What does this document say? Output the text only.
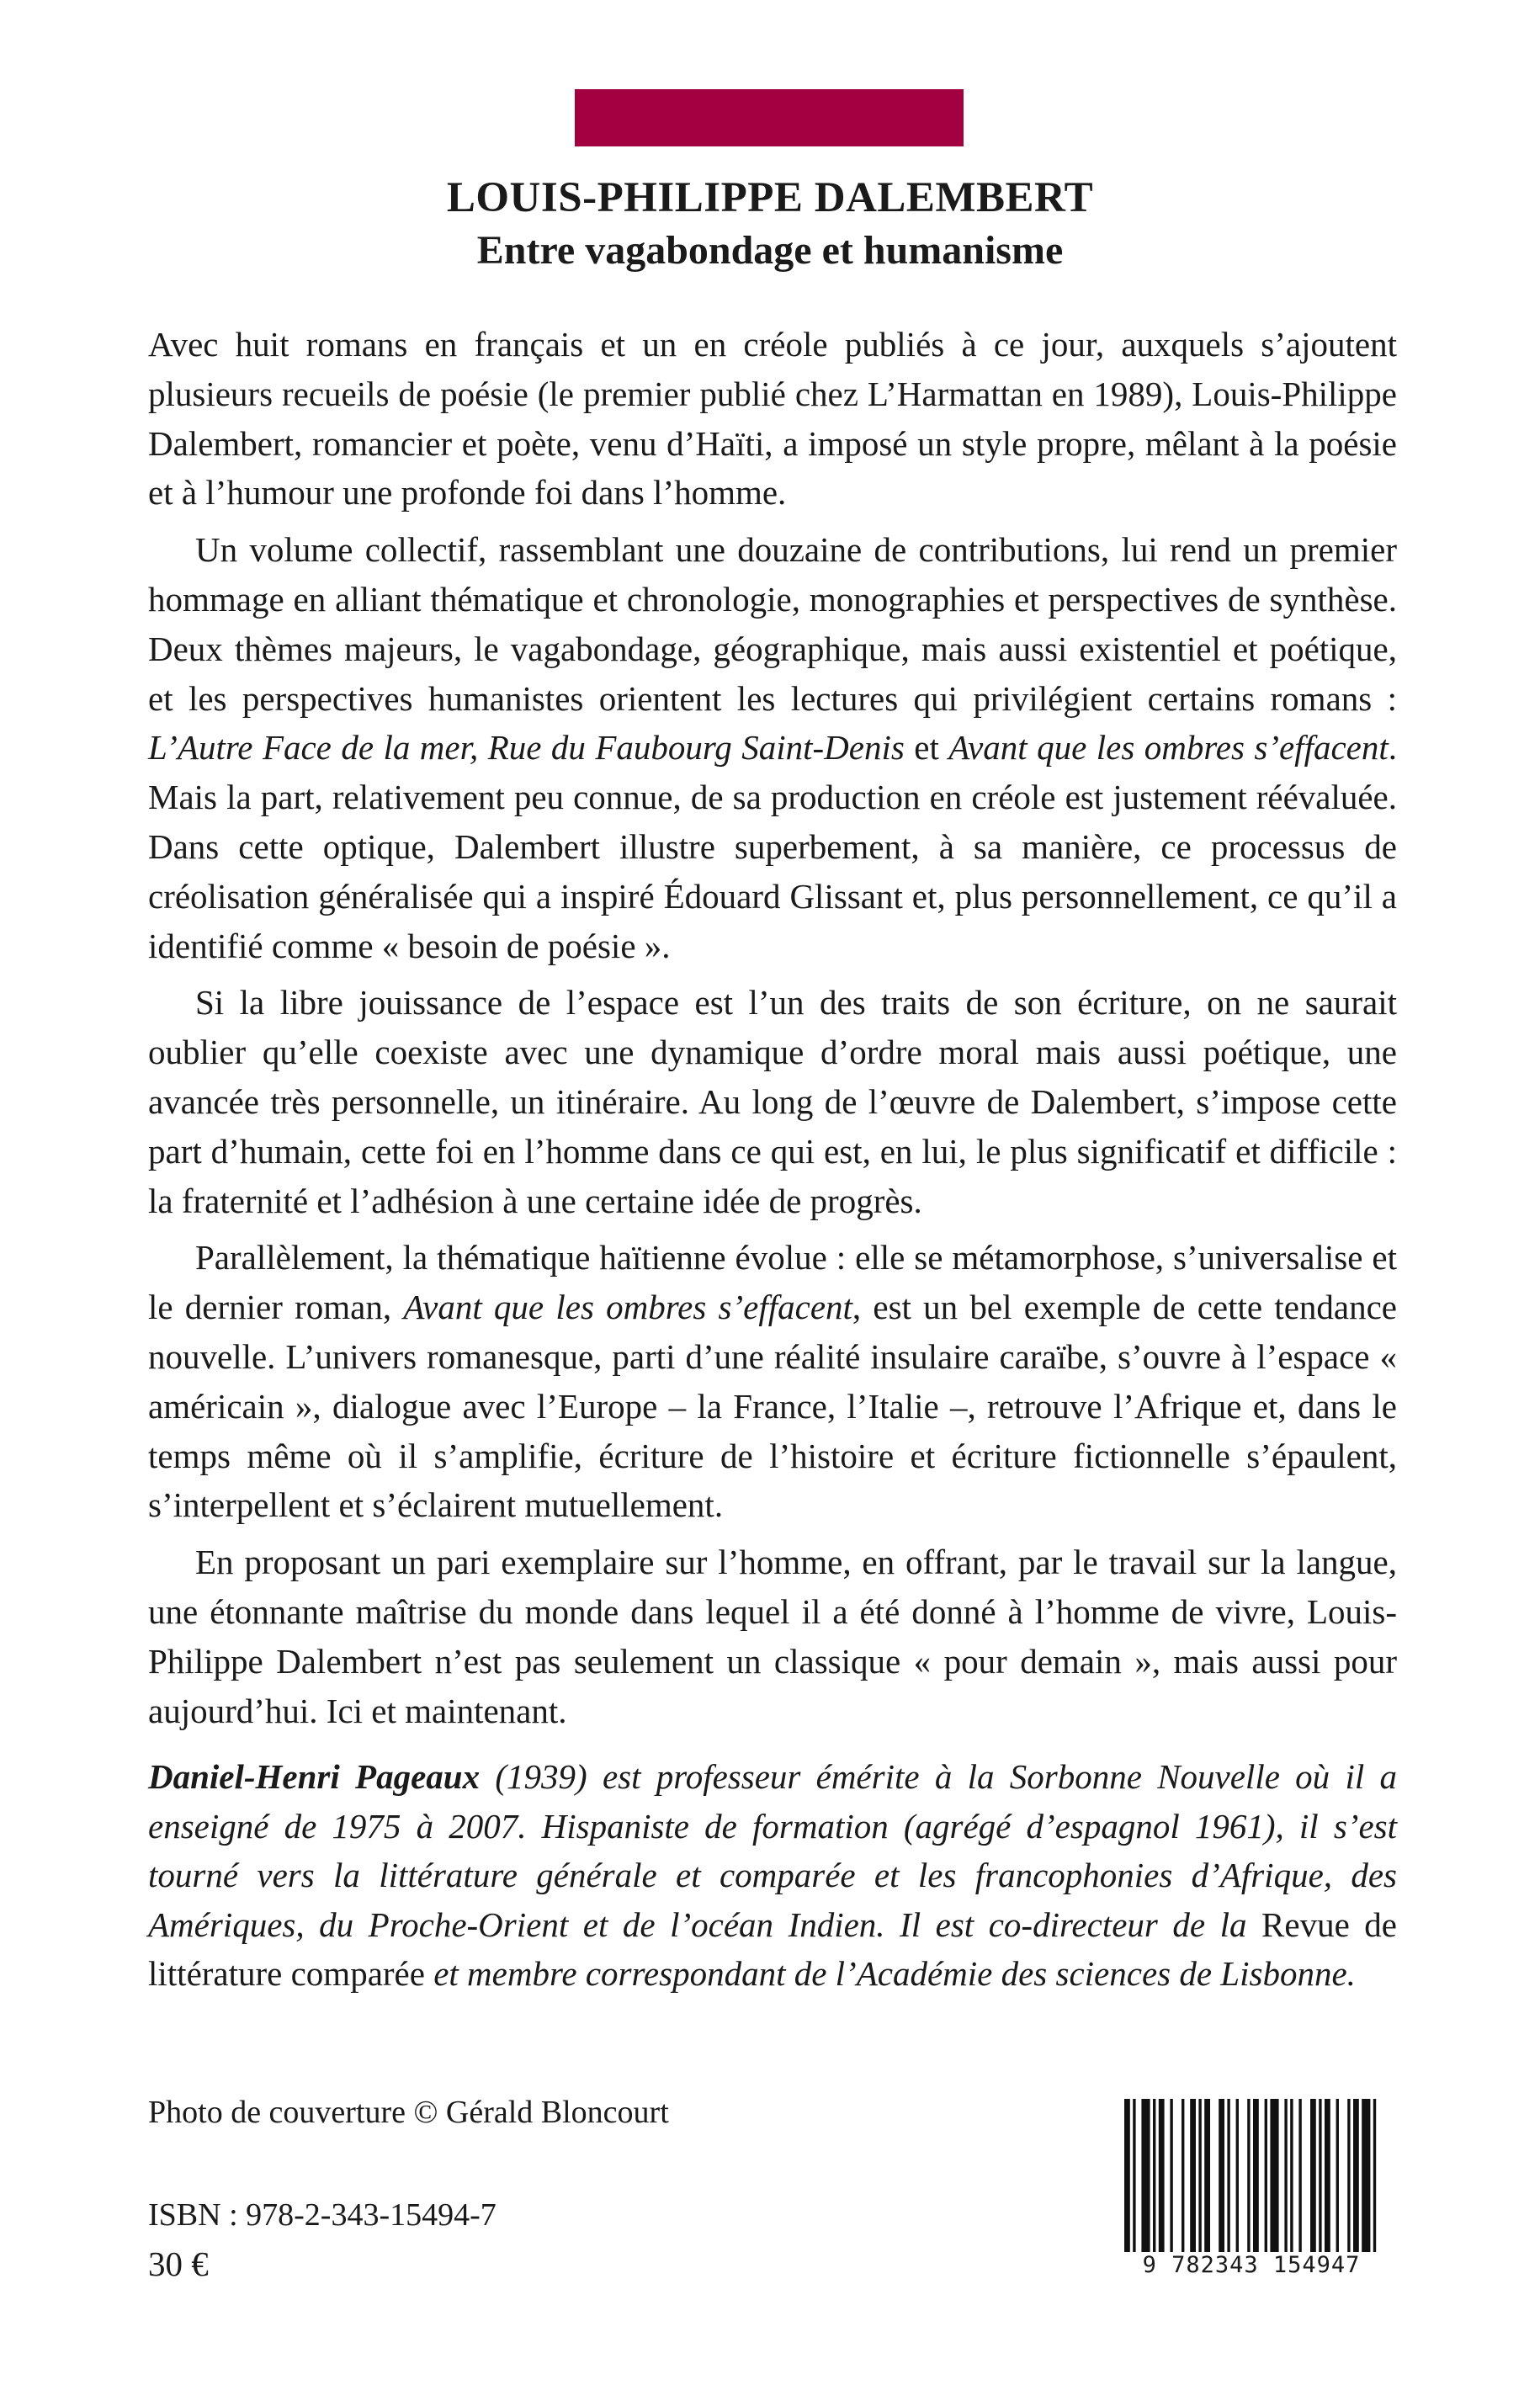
LOUIS-PHILIPPE DALEMBERT
Entre vagabondage et humanisme

Avec huit romans en français et un en créole publiés à ce jour, auxquels s’ajoutent plusieurs recueils de poésie (le premier publié chez L’Harmattan en 1989), Louis-Philippe Dalembert, romancier et poète, venu d’Haïti, a imposé un style propre, mêlant à la poésie et à l’humour une profonde foi dans l’homme.

Un volume collectif, rassemblant une douzaine de contributions, lui rend un premier hommage en alliant thématique et chronologie, monographies et perspectives de synthèse. Deux thèmes majeurs, le vagabondage, géographique, mais aussi existentiel et poétique, et les perspectives humanistes orientent les lectures qui privilégient certains romans : L’Autre Face de la mer, Rue du Faubourg Saint-Denis et Avant que les ombres s’effacent. Mais la part, relativement peu connue, de sa production en créole est justement réévaluée. Dans cette optique, Dalembert illustre superbement, à sa manière, ce processus de créolisation généralisée qui a inspiré Édouard Glissant et, plus personnellement, ce qu’il a identifié comme « besoin de poésie ».

Si la libre jouissance de l’espace est l’un des traits de son écriture, on ne saurait oublier qu’elle coexiste avec une dynamique d’ordre moral mais aussi poétique, une avancée très personnelle, un itinéraire. Au long de l’œuvre de Dalembert, s’impose cette part d’humain, cette foi en l’homme dans ce qui est, en lui, le plus significatif et difficile : la fraternité et l’adhésion à une certaine idée de progrès.

Parallèlement, la thématique haïtienne évolue : elle se métamorphose, s’universalise et le dernier roman, Avant que les ombres s’effacent, est un bel exemple de cette tendance nouvelle. L’univers romanesque, parti d’une réalité insulaire caraïbe, s’ouvre à l’espace « américain », dialogue avec l’Europe – la France, l’Italie –, retrouve l’Afrique et, dans le temps même où il s’amplifie, écriture de l’histoire et écriture fictionnelle s’épaulent, s’interpellent et s’éclairent mutuellement.

En proposant un pari exemplaire sur l’homme, en offrant, par le travail sur la langue, une étonnante maîtrise du monde dans lequel il a été donné à l’homme de vivre, Louis-Philippe Dalembert n’est pas seulement un classique « pour demain », mais aussi pour aujourd’hui. Ici et maintenant.

Daniel-Henri Pageaux (1939) est professeur émérite à la Sorbonne Nouvelle où il a enseigné de 1975 à 2007. Hispaniste de formation (agrégé d’espagnol 1961), il s’est tourné vers la littérature générale et comparée et les francophonies d’Afrique, des Amériques, du Proche-Orient et de l’océan Indien. Il est co-directeur de la Revue de littérature comparée et membre correspondant de l’Académie des sciences de Lisbonne.

Photo de couverture © Gérald Bloncourt
ISBN : 978-2-343-15494-7
30 €	9 782343 154947
